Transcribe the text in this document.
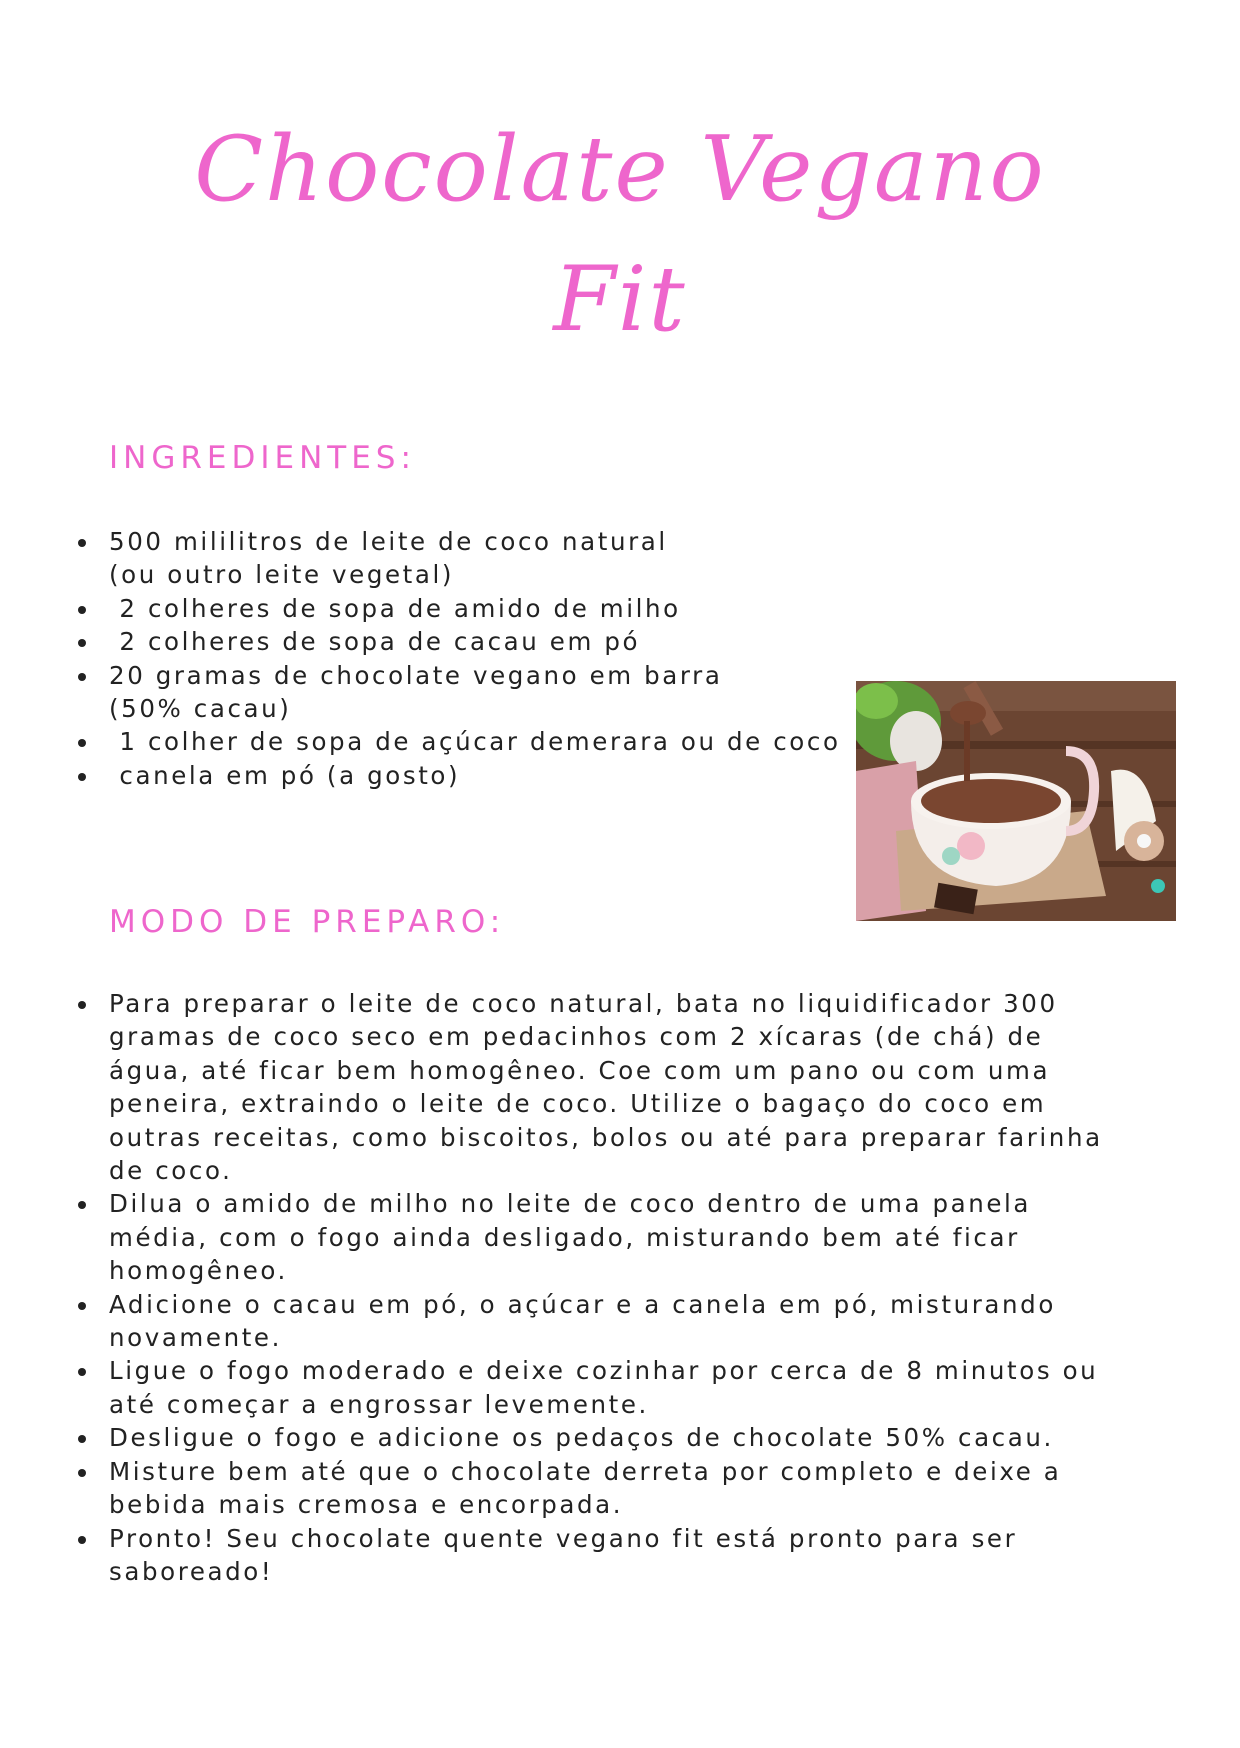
Chocolate Vegano
Fit
INGREDIENTES:
500 mililitros de leite de coco natural
(ou outro leite vegetal)
2 colheres de sopa de amido de milho
2 colheres de sopa de cacau em pó
20 gramas de chocolate vegano em barra
(50% cacau)
1 colher de sopa de açúcar demerara ou de coco
canela em pó (a gosto)
MODO DE PREPARO:
Para preparar o leite de coco natural, bata no liquidificador 300
gramas de coco seco em pedacinhos com 2 xícaras (de chá) de
água, até ficar bem homogêneo. Coe com um pano ou com uma
peneira, extraindo o leite de coco. Utilize o bagaço do coco em
outras receitas, como biscoitos, bolos ou até para preparar farinha
de coco.
Dilua o amido de milho no leite de coco dentro de uma panela
média, com o fogo ainda desligado, misturando bem até ficar
homogêneo.
Adicione o cacau em pó, o açúcar e a canela em pó, misturando
novamente.
Ligue o fogo moderado e deixe cozinhar por cerca de 8 minutos ou
até começar a engrossar levemente.
Desligue o fogo e adicione os pedaços de chocolate 50% cacau.
Misture bem até que o chocolate derreta por completo e deixe a
bebida mais cremosa e encorpada.
Pronto! Seu chocolate quente vegano fit está pronto para ser
saboreado!
